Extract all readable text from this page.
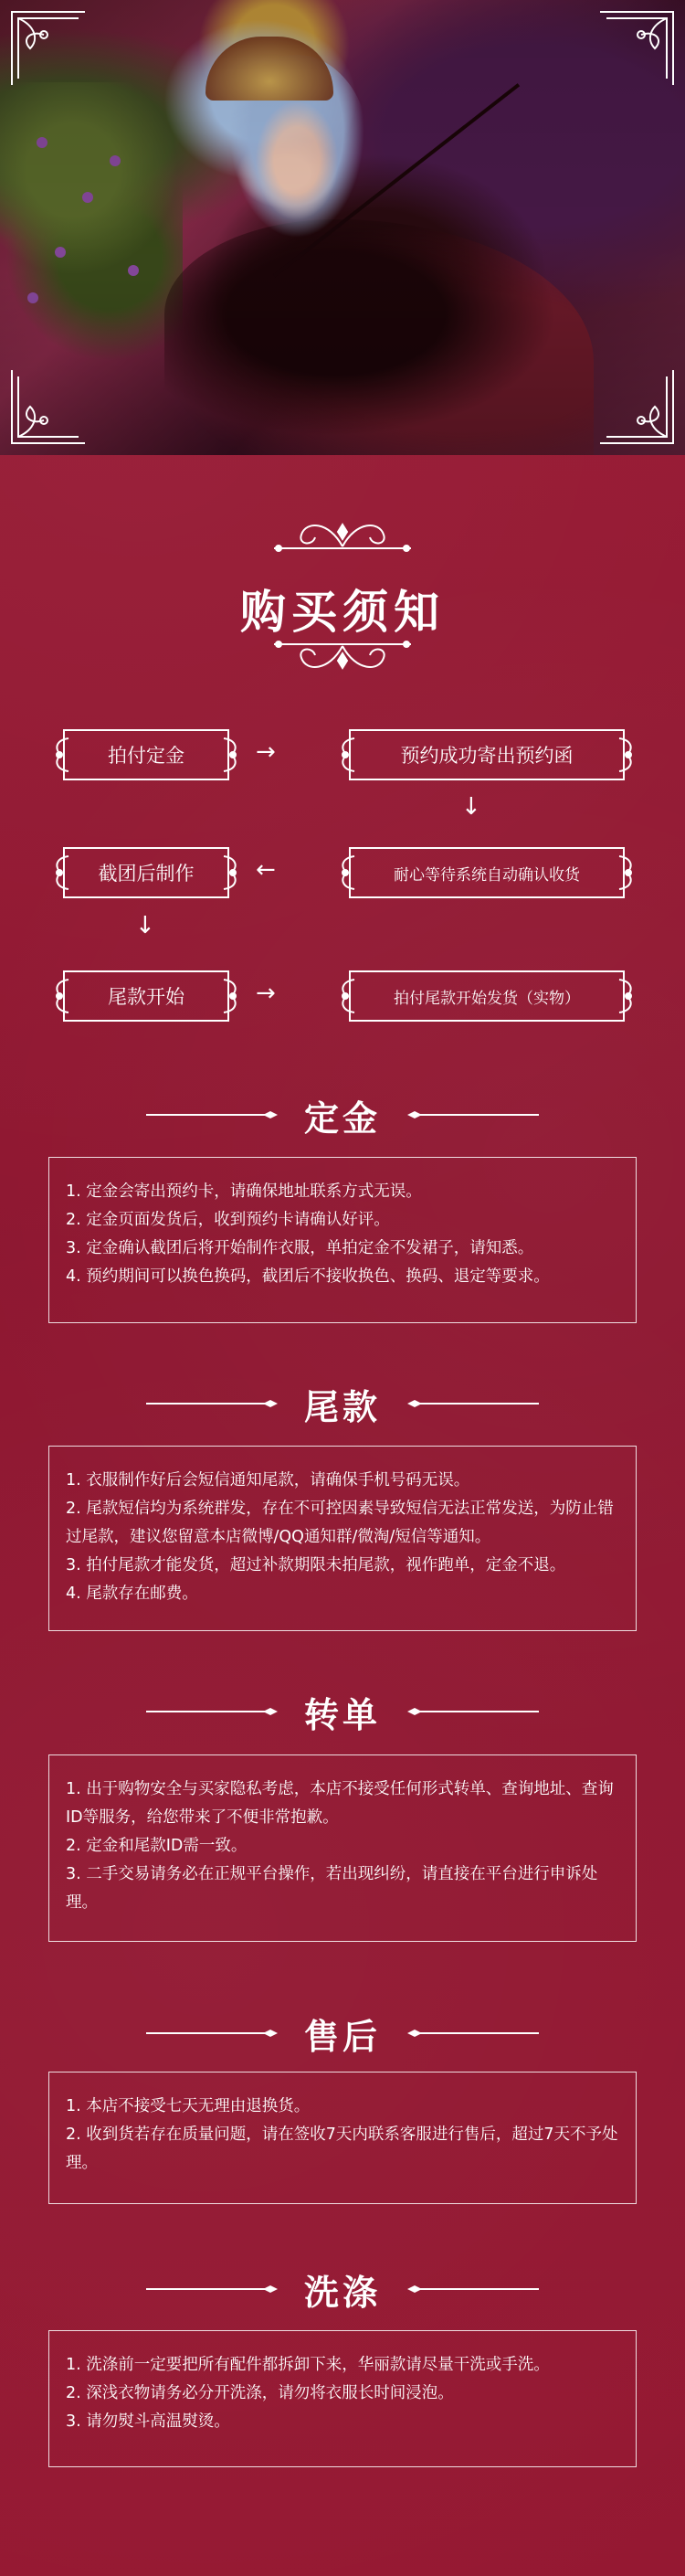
购买须知
拍付定金	→	预约成功寄出预约函
↓
截团后制作	←	耐心等待系统自动确认收货
↓
尾款开始	→	拍付尾款开始发货（实物）
定金

1. 定金会寄出预约卡，请确保地址联系方式无误。

2. 定金页面发货后，收到预约卡请确认好评。

3. 定金确认截团后将开始制作衣服，单拍定金不发裙子，请知悉。

4. 预约期间可以换色换码，截团后不接收换色、换码、退定等要求。

尾款

1. 衣服制作好后会短信通知尾款，请确保手机号码无误。

2. 尾款短信均为系统群发，存在不可控因素导致短信无法正常发送，为防止错过尾款，建议您留意本店微博/QQ通知群/微淘/短信等通知。

3. 拍付尾款才能发货，超过补款期限未拍尾款，视作跑单，定金不退。

4. 尾款存在邮费。

转单

1. 出于购物安全与买家隐私考虑，本店不接受任何形式转单、查询地址、查询ID等服务，给您带来了不便非常抱歉。

2. 定金和尾款ID需一致。

3. 二手交易请务必在正规平台操作，若出现纠纷，请直接在平台进行申诉处理。

售后

1. 本店不接受七天无理由退换货。

2. 收到货若存在质量问题，请在签收7天内联系客服进行售后，超过7天不予处理。

洗涤

1. 洗涤前一定要把所有配件都拆卸下来，华丽款请尽量干洗或手洗。

2. 深浅衣物请务必分开洗涤，请勿将衣服长时间浸泡。

3. 请勿熨斗高温熨烫。
